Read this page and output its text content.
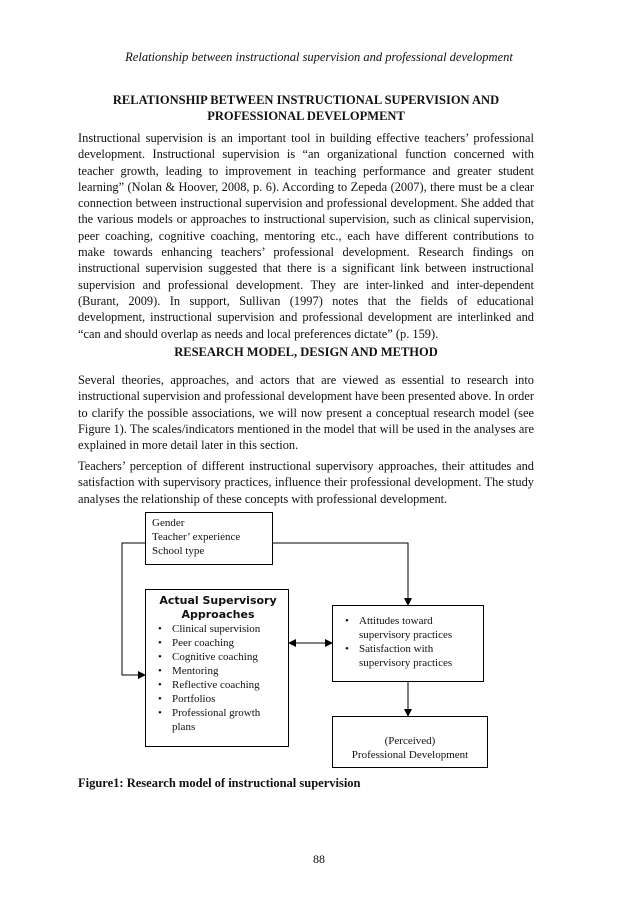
Relationship between instructional supervision and professional development
RELATIONSHIP BETWEEN INSTRUCTIONAL SUPERVISION AND
PROFESSIONAL DEVELOPMENT

Instructional supervision is an important tool in building effective teachers’ professional development. Instructional supervision is “an organizational function concerned with teacher growth, leading to improvement in teaching performance and greater student learning” (Nolan & Hoover, 2008, p. 6). According to Zepeda (2007), there must be a clear connection between instructional supervision and professional development. She added that the various models or approaches to instructional supervision, such as clinical supervision, peer coaching, cognitive coaching, mentoring etc., each have different contributions to make towards enhancing teachers’ professional development. Research findings on instructional supervision suggested that there is a significant link between instructional supervision and professional development. They are inter-linked and inter-dependent (Burant, 2009). In support, Sullivan (1997) notes that the fields of educational development, instructional supervision and professional development are interlinked and “can and should overlap as needs and local preferences dictate” (p. 159).

RESEARCH MODEL, DESIGN AND METHOD

Several theories, approaches, and actors that are viewed as essential to research into instructional supervision and professional development have been presented above. In order to clarify the possible associations, we will now present a conceptual research model (see Figure 1). The scales/indicators mentioned in the model that will be used in the analyses are explained in more detail later in this section.

Teachers’ perception of different instructional supervisory approaches, their attitudes and satisfaction with supervisory practices, influence their professional development. The study analyses the relationship of these concepts with professional development.

Gender
Teacher’ experience
School type
Actual Supervisory
Approaches
• Clinical supervision
• Peer coaching
• Cognitive coaching
• Mentoring
• Reflective coaching
• Portfolios
• Professional growth plans
• Attitudes toward supervisory practices
• Satisfaction with supervisory practices
(Perceived)
Professional Development
Figure1: Research model of instructional supervision
88
